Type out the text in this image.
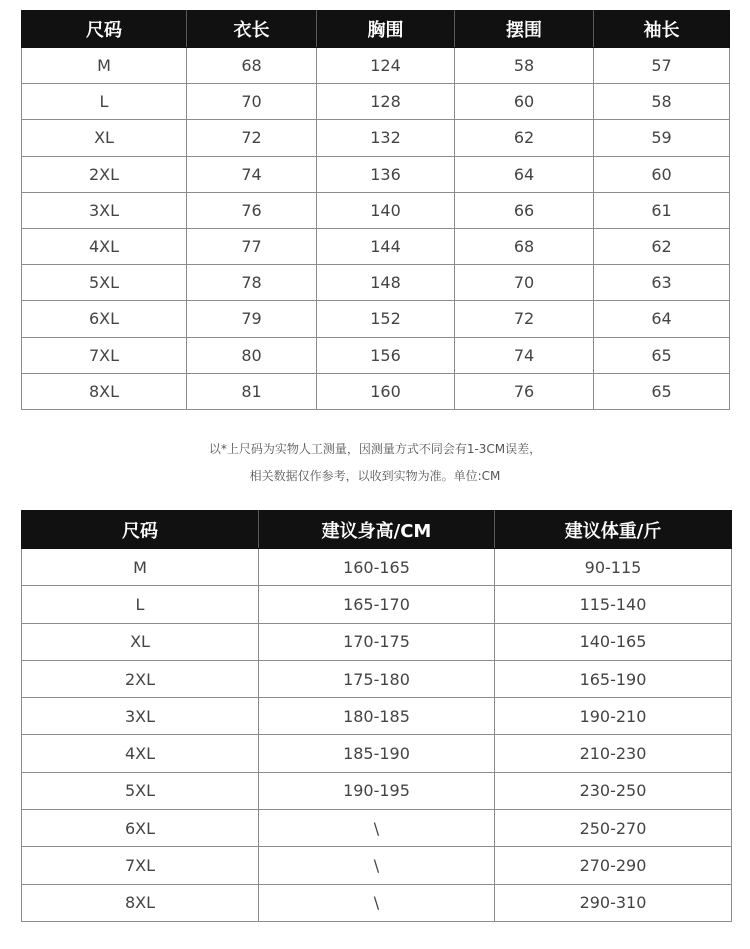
尺码	衣长	胸围	摆围	袖长
M	68	124	58	57
L	70	128	60	58
XL	72	132	62	59
2XL	74	136	64	60
3XL	76	140	66	61
4XL	77	144	68	62
5XL	78	148	70	63
6XL	79	152	72	64
7XL	80	156	74	65
8XL	81	160	76	65
以*上尺码为实物人工测量，因测量方式不同会有1-3CM误差，
相关数据仅作参考，以收到实物为准。单位:CM
尺码	建议身高/CM	建议体重/斤
M	160-165	90-115
L	165-170	115-140
XL	170-175	140-165
2XL	175-180	165-190
3XL	180-185	190-210
4XL	185-190	210-230
5XL	190-195	230-250
6XL	\	250-270
7XL	\	270-290
8XL	\	290-310
